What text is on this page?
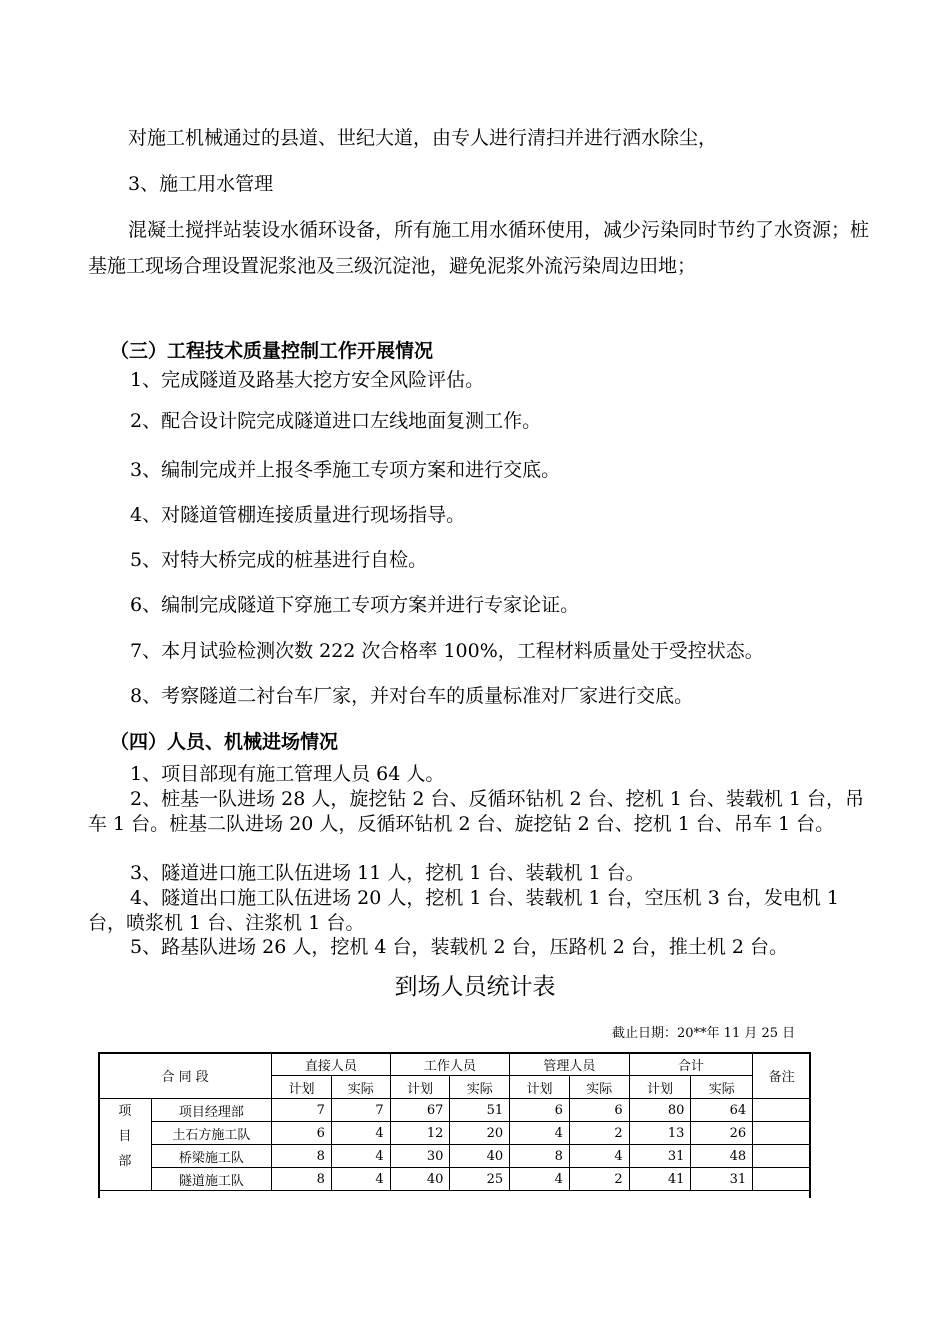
对施工机械通过的县道、世纪大道，由专人进行清扫并进行洒水除尘，

3、施工用水管理

混凝土搅拌站装设水循环设备，所有施工用水循环使用，减少污染同时节约了水资源；桩基施工现场合理设置泥浆池及三级沉淀池，避免泥浆外流污染周边田地；

（三）工程技术质量控制工作开展情况

1、完成隧道及路基大挖方安全风险评估。

2、配合设计院完成隧道进口左线地面复测工作。

3、编制完成并上报冬季施工专项方案和进行交底。

4、对隧道管棚连接质量进行现场指导。

5、对特大桥完成的桩基进行自检。

6、编制完成隧道下穿施工专项方案并进行专家论证。

7、本月试验检测次数 222 次合格率 100%，工程材料质量处于受控状态。

8、考察隧道二衬台车厂家，并对台车的质量标准对厂家进行交底。

（四）人员、机械进场情况

1、项目部现有施工管理人员 64 人。

2、桩基一队进场 28 人，旋挖钻 2 台、反循环钻机 2 台、挖机 1 台、装载机 1 台，吊车 1 台。桩基二队进场 20 人，反循环钻机 2 台、旋挖钻 2 台、挖机 1 台、吊车 1 台。

3、隧道进口施工队伍进场 11 人，挖机 1 台、装载机 1 台。

4、隧道出口施工队伍进场 20 人，挖机 1 台、装载机 1 台，空压机 3 台，发电机 1 台，喷浆机 1 台、注浆机 1 台。

5、路基队进场 26 人，挖机 4 台，装载机 2 台，压路机 2 台，推土机 2 台。

到场人员统计表

截止日期：20**年 11 月 25 日

合 同 段		直接人员		工作人员		管理人员		合计		备注
		计划	实际	计划	实际	计划	实际	计划	实际	

项
目
部	项目经理部	7	7	67	51	6	6	80	64	
	土石方施工队	6	4	12	20	4	2	13	26	
	桥梁施工队	8	4	30	40	8	4	31	48	
	隧道施工队	8	4	40	25	4	2	41	31	
